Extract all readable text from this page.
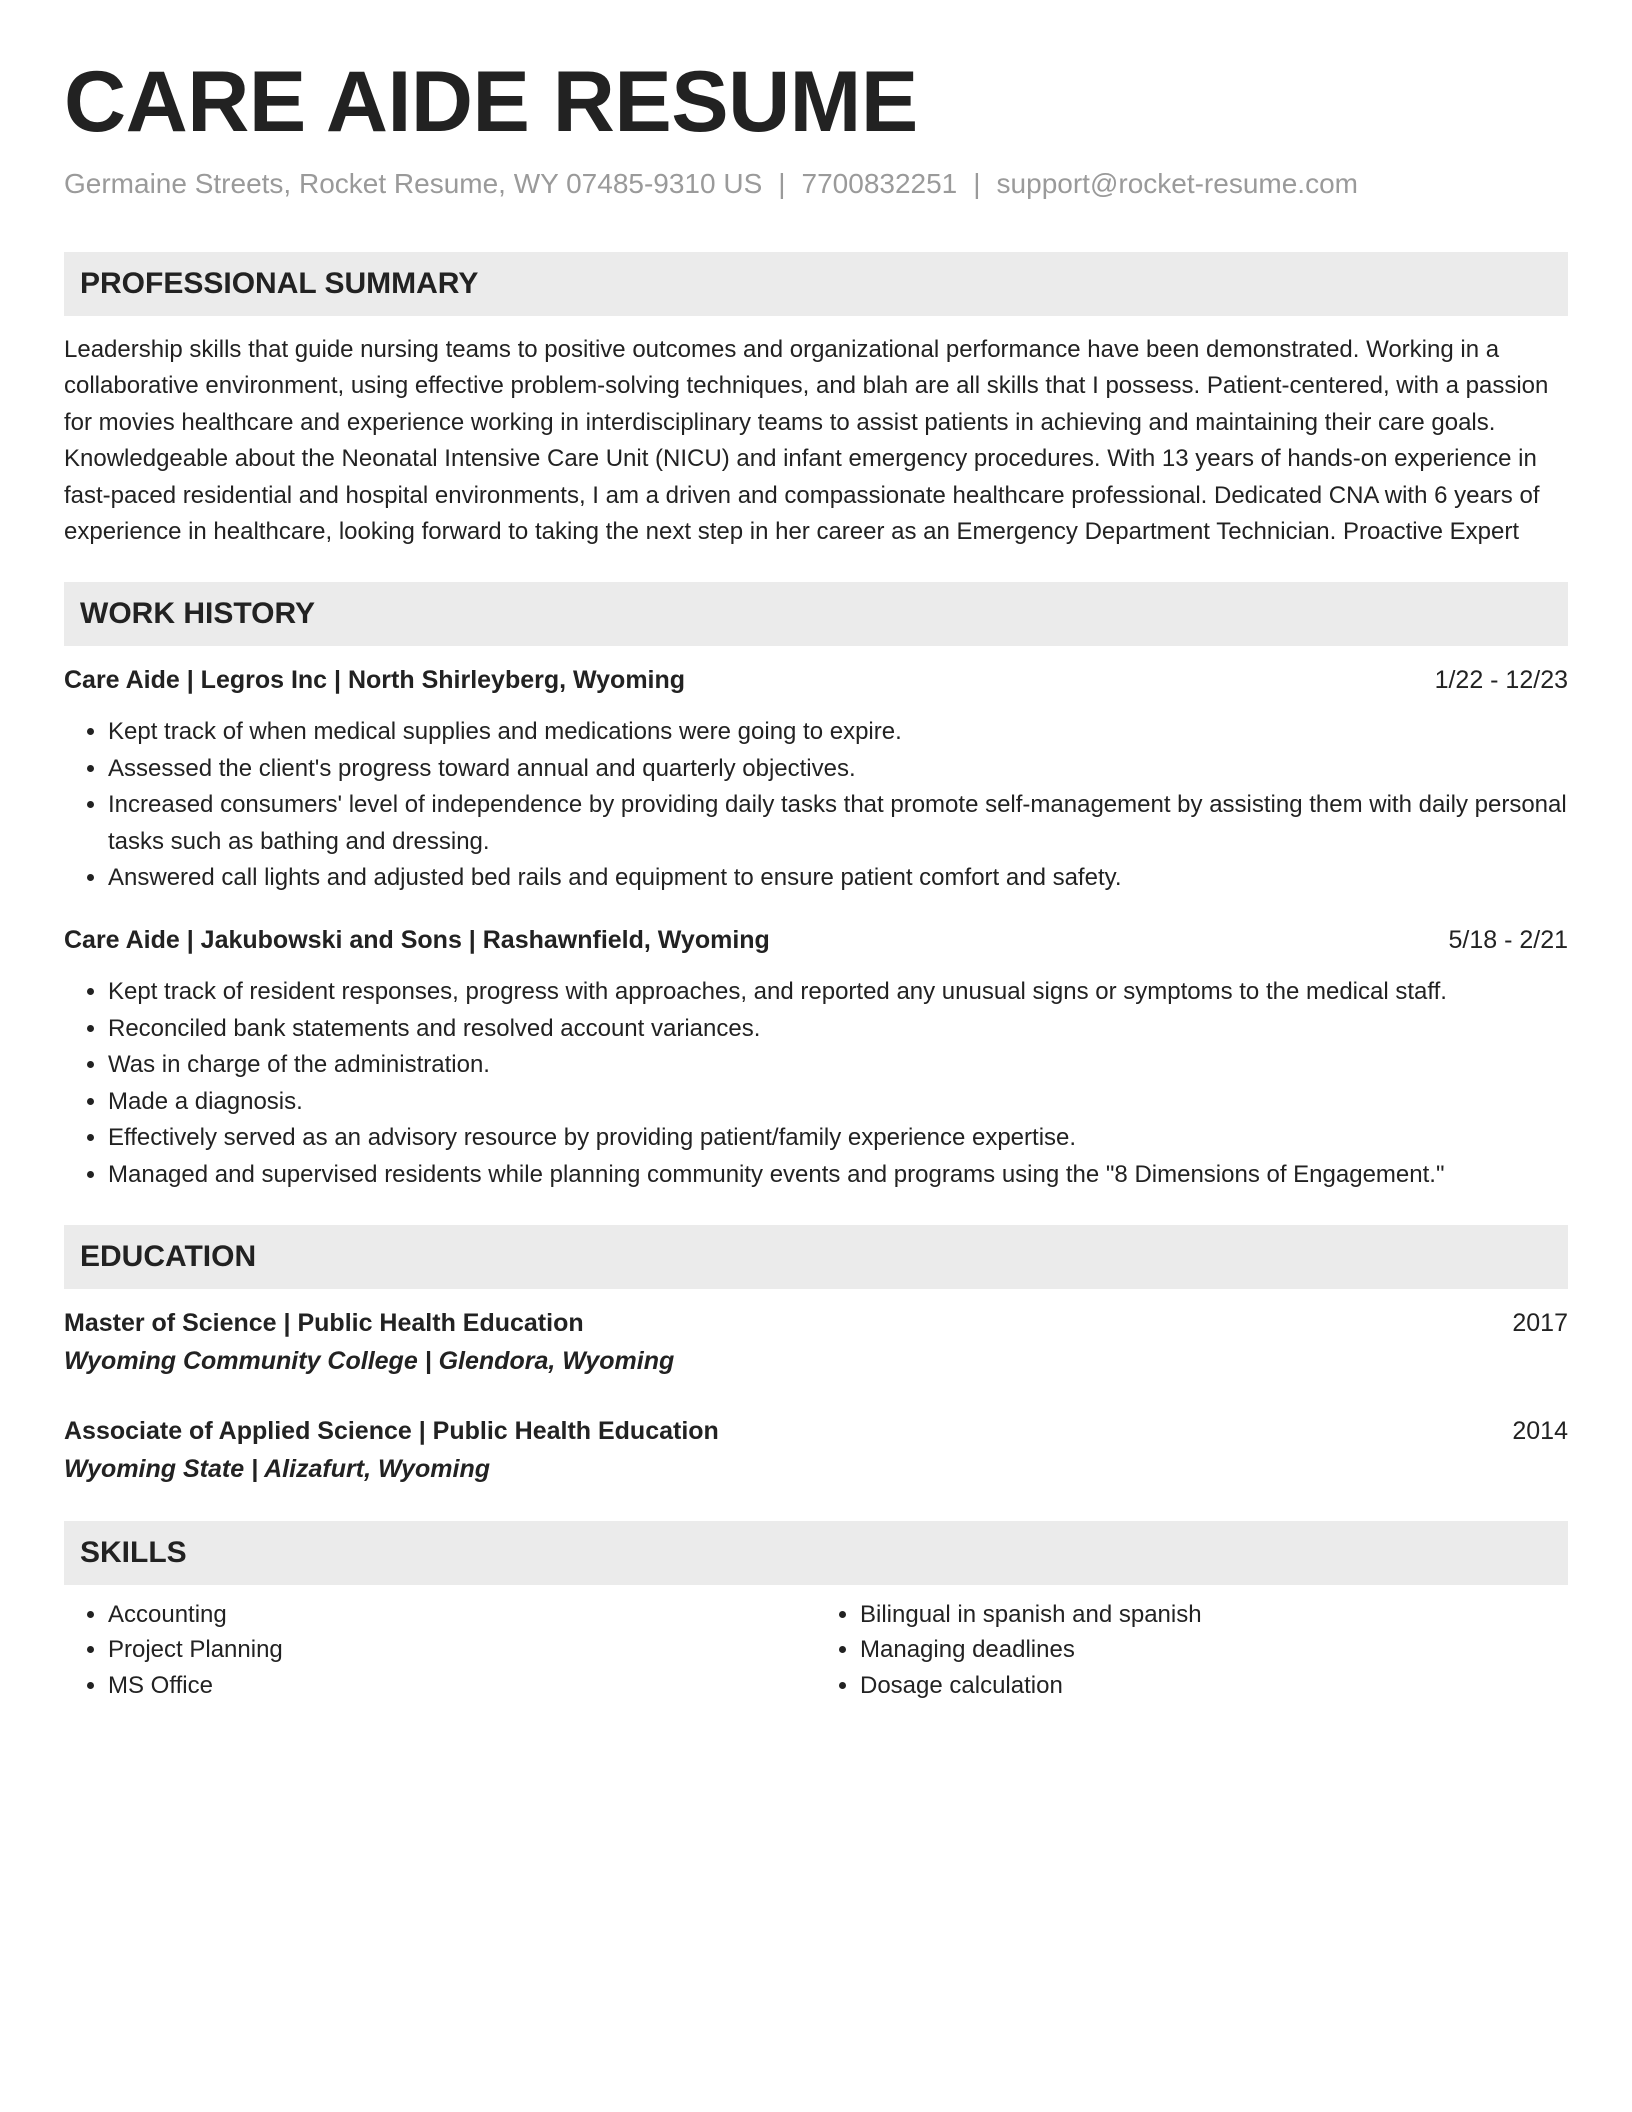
CARE AIDE RESUME
Germaine Streets, Rocket Resume, WY 07485-9310 US | 7700832251 | support@rocket-resume.com
PROFESSIONAL SUMMARY
Leadership skills that guide nursing teams to positive outcomes and organizational performance have been demonstrated. Working in a collaborative environment, using effective problem-solving techniques, and blah are all skills that I possess. Patient-centered, with a passion for movies healthcare and experience working in interdisciplinary teams to assist patients in achieving and maintaining their care goals. Knowledgeable about the Neonatal Intensive Care Unit (NICU) and infant emergency procedures. With 13 years of hands-on experience in fast-paced residential and hospital environments, I am a driven and compassionate healthcare professional. Dedicated CNA with 6 years of experience in healthcare, looking forward to taking the next step in her career as an Emergency Department Technician. Proactive Expert
WORK HISTORY
Care Aide | Legros Inc | North Shirleyberg, Wyoming	1/22 - 12/23
• Kept track of when medical supplies and medications were going to expire.
• Assessed the client's progress toward annual and quarterly objectives.
• Increased consumers' level of independence by providing daily tasks that promote self-management by assisting them with daily personal tasks such as bathing and dressing.
• Answered call lights and adjusted bed rails and equipment to ensure patient comfort and safety.
Care Aide | Jakubowski and Sons | Rashawnfield, Wyoming	5/18 - 2/21
• Kept track of resident responses, progress with approaches, and reported any unusual signs or symptoms to the medical staff.
• Reconciled bank statements and resolved account variances.
• Was in charge of the administration.
• Made a diagnosis.
• Effectively served as an advisory resource by providing patient/family experience expertise.
• Managed and supervised residents while planning community events and programs using the "8 Dimensions of Engagement."
EDUCATION
Master of Science | Public Health Education	2017
Wyoming Community College | Glendora, Wyoming
Associate of Applied Science | Public Health Education	2014
Wyoming State | Alizafurt, Wyoming
SKILLS
• Accounting
• Project Planning
• MS Office
• Bilingual in spanish and spanish
• Managing deadlines
• Dosage calculation
